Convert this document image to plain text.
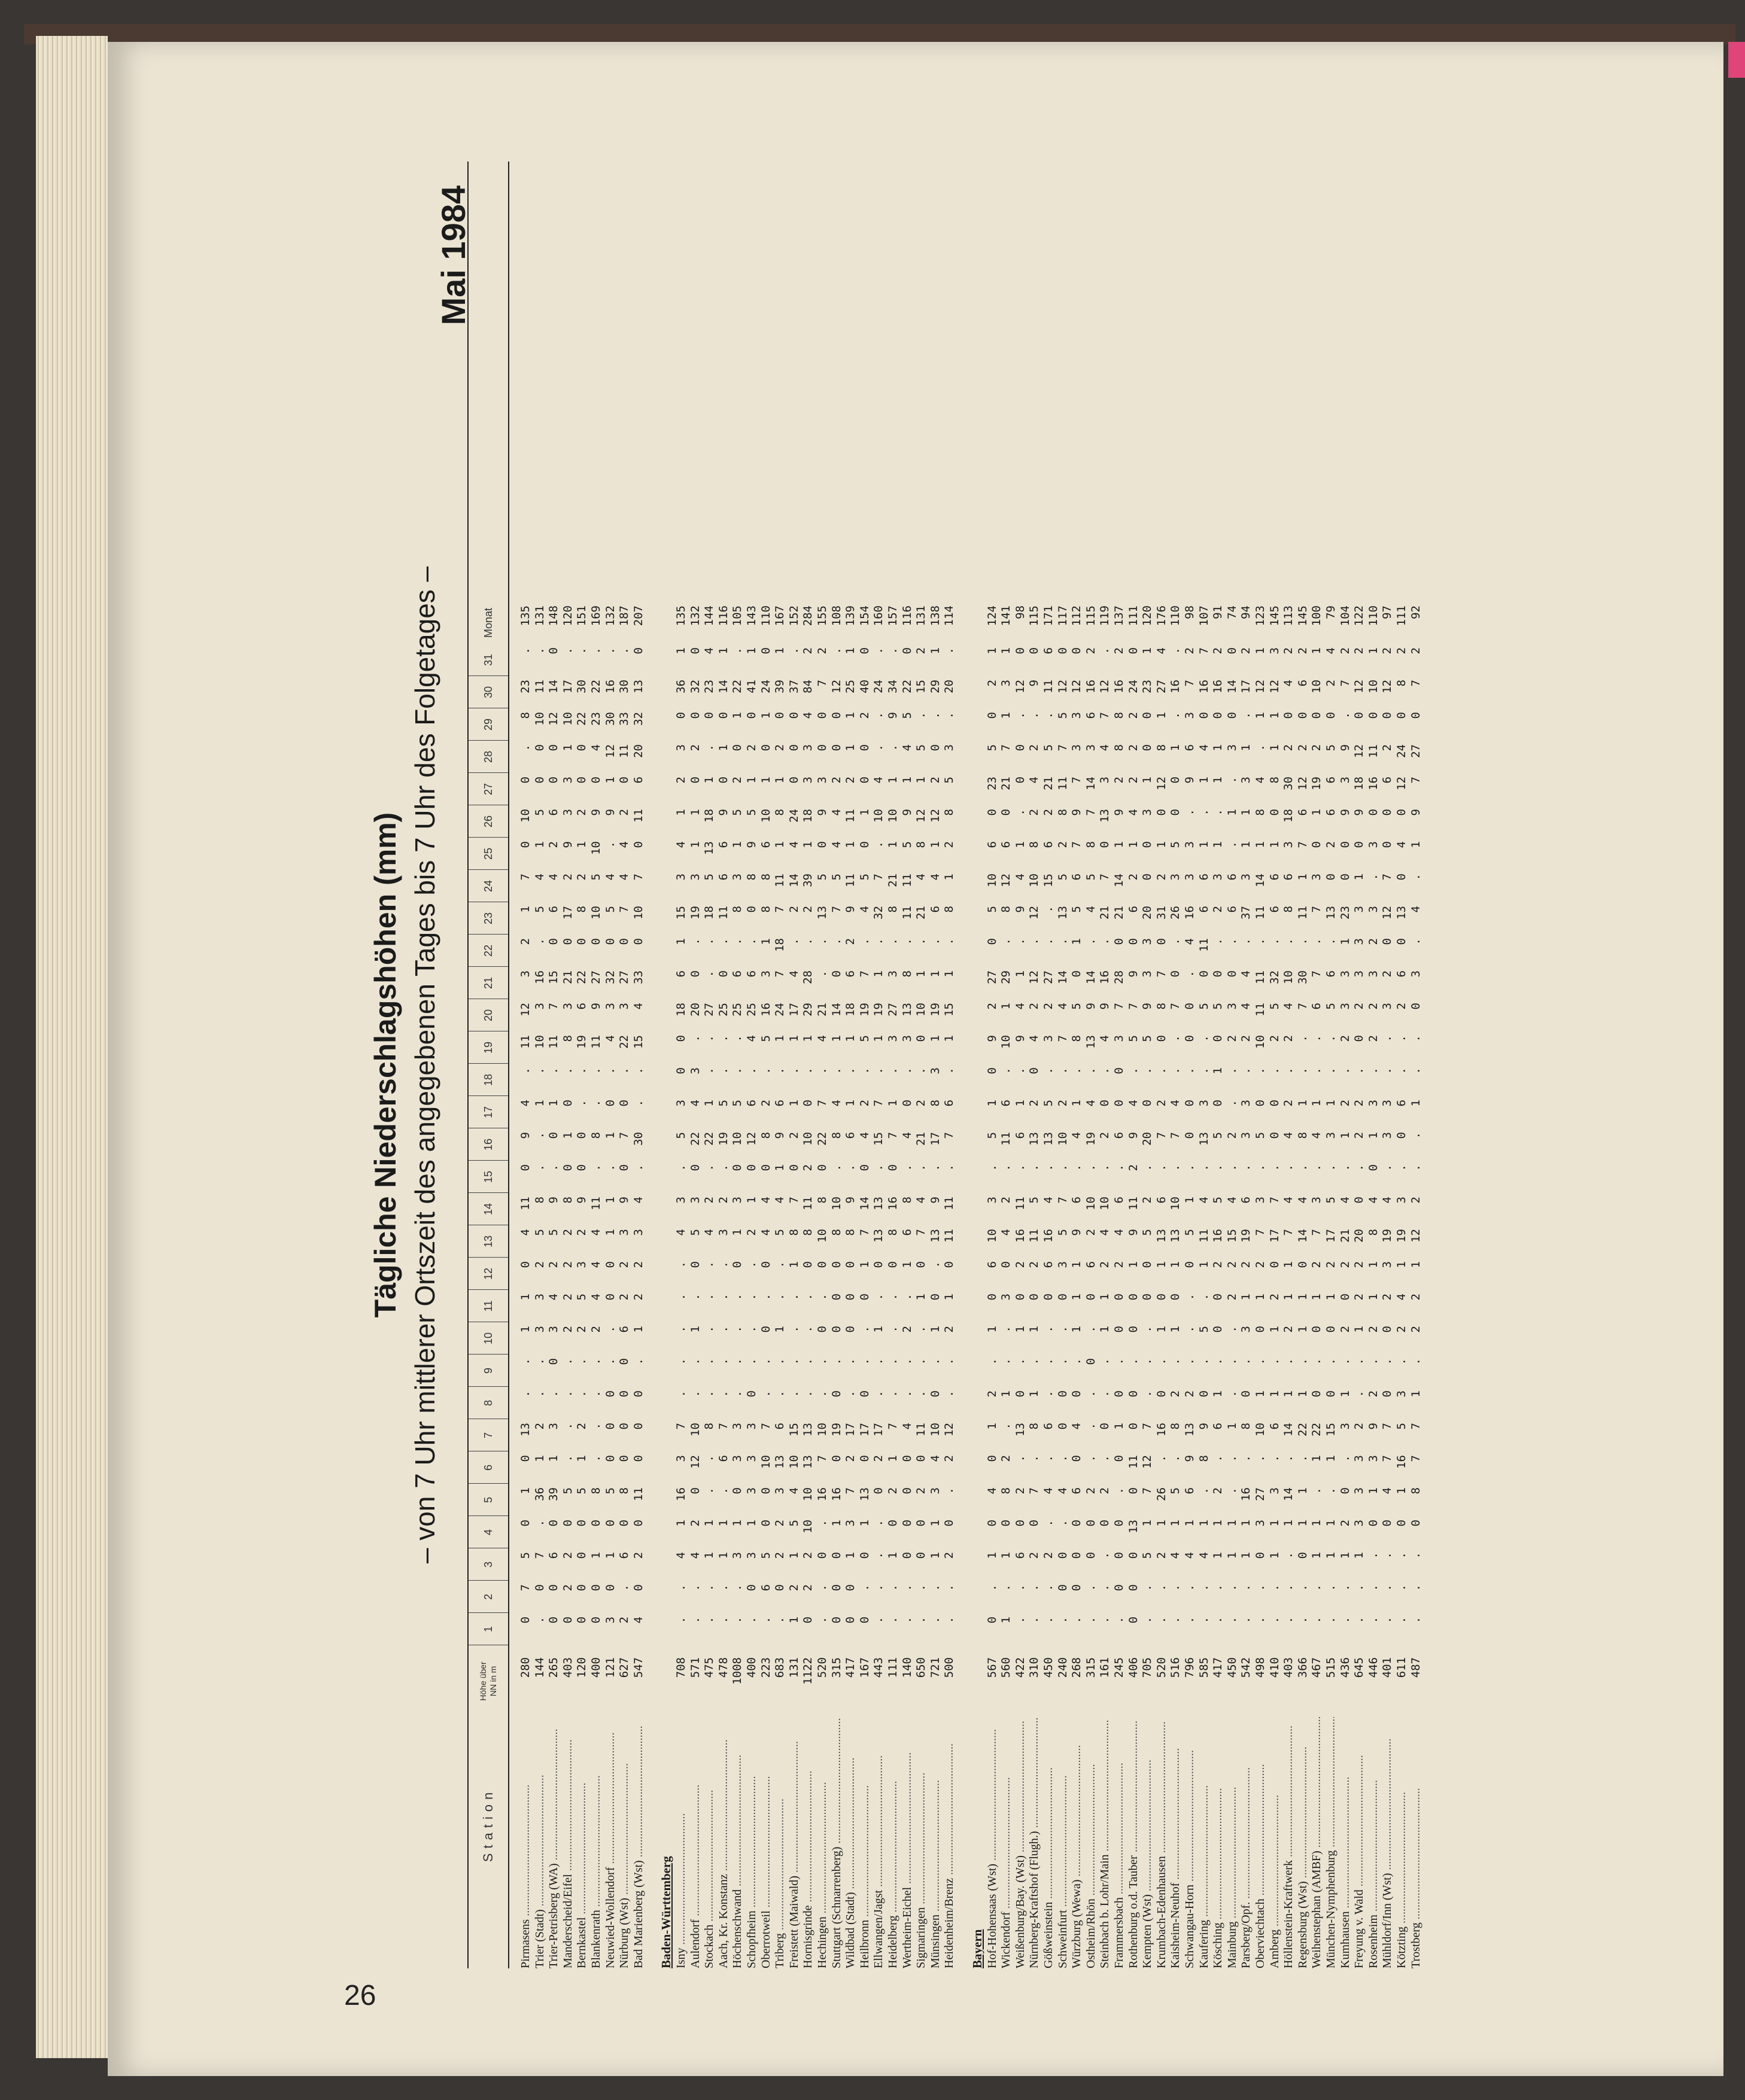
26
Tägliche Niederschlagshöhen (mm) – von 7 Uhr mittlerer Ortszeit des angegebenen Tages bis 7 Uhr des Folgetages –
Mai 1984
Station
Höhe über NN in m
1
2
3
4
5
6
7
8
9
10
11
12
13
14
15
16
17
18
19
20
21
22
23
24
25
26
27
28
29
30
31
Monat
Pirmasens .....
280
0
7
5
0
1
0
13
.
.
1
1
0
4
11
0
9
4
.
11
12
3
2
1
7
0
10
0
.
8
23
.
135
Trier (Stadt) .....
144
.
0
7
.
36
1
2
.
.
3
3
2
5
8
.
.
1
.
10
3
16
.
5
4
1
5
0
0
10
11
.
131
Trier-Petrisberg (WA) .....
265
0
0
6
0
39
1
3
.
0
3
4
2
5
9
.
0
1
.
11
7
15
0
6
4
2
6
0
0
12
14
0
148
Manderscheid/Eifel .....
403
0
2
2
0
5
.
.
.
.
2
2
2
2
8
0
1
0
.
8
3
21
0
17
2
9
3
3
1
10
17
.
120
Bernkastel .....
120
0
0
0
0
5
1
2
.
.
2
5
3
2
9
0
0
.
.
19
6
22
0
8
2
1
2
0
0
22
30
.
151
Blankenrath .....
400
0
0
1
0
8
.
.
.
.
2
4
4
4
11
.
8
.
.
11
9
27
0
10
5
10
9
0
4
23
22
.
169
Neuwied-Wollendorf .....
121
3
0
1
0
5
0
0
0
.
.
0
0
1
1
.
1
0
.
4
3
32
0
5
4
.
9
1
12
30
16
.
132
Nürburg (Wst) .....
627
2
.
6
0
8
0
0
0
0
6
2
2
3
9
0
7
0
.
22
3
27
0
7
4
4
2
0
11
33
30
.
187
Bad Marienberg (Wst) .....
547
4
0
2
0
11
0
0
0
.
1
2
2
3
4
.
30
.
.
15
4
33
0
10
7
0
11
6
20
32
13
0
207
Baden-Württemberg Isny .....
708
.
.
4
1
16
3
7
.
.
.
.
.
4
3
.
5
3
0
0
18
6
1
15
3
4
1
2
3
0
36
1
135
Aulendorf .....
571
.
.
4
2
0
12
10
.
.
1
.
0
5
3
0
22
4
3
.
20
0
.
19
3
1
1
0
2
0
32
0
132
Stockach .....
475
.
.
1
1
.
.
8
.
.
.
.
.
4
2
.
22
1
.
.
27
.
.
18
5
13
18
1
.
0
23
4
144
Aach, Kr. Konstanz .....
478
.
.
1
1
.
6
7
.
.
.
.
.
3
2
.
19
5
.
.
25
0
.
11
6
6
9
0
1
0
14
1
116
Höchenschwand .....
1008
.
.
3
1
0
3
3
.
.
.
.
0
1
3
0
10
5
.
.
25
6
.
8
3
1
5
2
0
1
22
.
105
Schopfheim .....
400
.
0
3
1
3
3
3
0
.
.
.
.
2
1
0
12
6
.
4
25
6
.
0
8
9
5
1
2
0
41
1
143
Oberrotweil .....
223
.
6
5
0
0
10
7
.
.
0
.
0
4
4
0
8
2
.
5
16
3
1
8
8
6
10
1
0
1
24
0
110
Triberg .....
683
.
0
2
2
3
13
6
.
.
1
.
.
5
4
1
9
6
.
1
24
7
18
7
11
1
8
1
2
0
39
1
167
Freistett (Maiwald) .....
131
1
2
1
5
4
10
15
.
.
.
.
1
8
7
0
2
1
.
1
17
4
.
2
14
4
24
0
0
0
37
.
152
Hornisgrinde .....
1122
0
2
2
10
10
13
13
.
.
.
.
0
8
11
2
10
0
.
1
29
28
.
2
39
1
18
3
3
4
84
2
284
Hechingen .....
520
.
.
0
.
16
7
10
.
.
0
.
0
10
8
0
22
7
.
4
21
.
.
13
5
0
9
3
0
0
7
2
155
Stuttgart (Schnarrenberg) .....
315
0
0
0
1
16
0
19
0
.
0
0
0
8
10
.
8
4
.
1
14
0
.
7
5
4
4
2
0
0
12
.
108
Wildbad (Stadt) .....
417
0
0
1
3
7
2
17
.
.
0
0
0
8
9
.
6
1
.
1
18
6
2
9
11
1
11
2
1
1
25
1
139
Heilbronn .....
167
0
.
0
1
13
0
17
0
.
.
0
1
7
14
0
4
2
.
5
19
7
.
4
5
0
1
0
0
2
40
0
154
Ellwangen/Jagst .....
443
.
.
.
.
0
2
17
.
.
1
.
0
13
13
.
15
7
.
1
19
1
.
32
7
.
10
4
.
.
24
.
160
Heidelberg .....
111
.
.
1
0
2
1
7
.
.
.
.
0
8
16
0
7
1
.
3
27
3
.
8
21
1
10
1
.
9
34
.
157
Wertheim-Eichel .....
140
.
.
0
0
0
0
4
.
.
2
.
1
6
8
.
4
0
.
3
13
8
.
11
11
5
9
1
4
5
22
0
116
Sigmaringen .....
650
.
.
0
0
2
0
11
.
.
.
1
0
7
4
.
21
2
.
0
10
1
.
21
4
8
12
1
5
.
15
2
131
Münsingen .....
721
.
.
1
1
3
4
10
0
.
1
0
.
13
9
.
17
8
3
1
19
1
.
6
4
1
12
2
0
.
29
1
138
Heidenheim/Brenz .....
500
.
.
2
0
.
2
12
.
.
2
1
0
11
11
.
7
6
.
1
15
1
.
8
1
2
8
5
3
.
20
.
114
Bayern Hof-Hohensaas (Wst) .....
567
0
.
1
0
4
0
1
2
.
1
0
6
10
3
.
5
1
0
9
2
27
0
5
10
6
0
23
5
0
2
1
124
Wickendorf .....
560
1
.
1
0
8
2
.
1
.
.
3
0
4
2
.
11
6
.
10
1
29
.
8
12
6
0
21
7
1
3
1
141
Weißenburg/Bay. (Wst) .....
422
.
.
6
0
2
.
13
0
.
1
0
2
16
11
.
6
1
.
9
4
1
.
9
4
1
.
0
0
.
12
0
98
Nürnberg-Kraftshof (Flugh.) .....
310
.
.
2
0
7
.
8
1
.
1
0
2
11
5
.
13
2
0
4
2
12
.
12
10
8
2
4
2
.
9
0
115
Gößweinstein .....
450
.
.
2
.
4
.
6
.
.
.
0
6
16
4
.
13
5
.
3
2
27
.
.
15
6
2
21
5
.
11
6
171
Schweinfurt .....
240
.
0
0
.
4
.
0
0
.
.
0
3
5
7
.
10
2
.
7
4
14
.
13
5
2
8
11
7
5
12
0
117
Würzburg (Wewa) .....
268
.
0
0
0
6
0
4
0
.
1
1
1
9
6
.
4
1
.
8
5
0
1
5
6
7
9
7
3
3
12
0
112
Ostheim/Rhön .....
315
.
.
0
0
2
.
.
.
0
.
0
6
2
10
.
19
4
.
13
9
14
.
4
5
8
7
14
3
6
16
2
115
Steinbach b. Lohr/Main .....
161
.
.
.
0
2
.
0
.
.
1
1
2
4
10
.
2
0
.
4
9
16
.
21
7
0
13
3
4
7
12
.
119
Frammersbach .....
245
.
0
0
0
.
0
1
0
.
0
0
2
4
6
.
6
0
0
3
7
28
0
21
14
1
9
2
8
8
16
2
137
Rothenburg o.d. Tauber .....
406
0
0
0
13
0
11
0
0
.
0
0
1
9
11
2
9
4
.
5
7
9
0
6
2
1
4
2
2
2
24
0
111
Kempten (Wst) .....
705
.
.
5
1
7
12
7
.
.
.
0
0
5
2
.
20
0
.
5
9
3
3
20
0
0
3
1
0
0
23
1
120
Krumbach-Edenhausen .....
520
.
.
2
1
26
.
16
0
.
1
0
1
13
6
.
7
2
.
0
8
7
0
31
2
1
0
12
8
1
27
4
176
Kaisheim-Neuhof .....
516
.
.
4
1
5
.
8
2
.
1
0
1
13
10
.
7
4
.
.
7
0
.
26
3
5
0
0
1
.
16
.
110
Schwangau-Horn .....
796
.
.
4
1
6
9
13
2
.
.
.
0
5
1
.
0
0
.
0
0
.
4
16
3
3
.
9
6
3
7
2
98
Kaufering .....
585
.
.
4
1
.
8
9
0
.
5
.
1
11
4
.
13
3
.
.
5
0
11
6
6
1
.
1
4
0
16
7
107
Kösching .....
417
.
.
1
1
2
.
6
1
.
0
0
2
16
5
.
5
0
1
0
5
0
.
2
3
1
.
1
1
0
16
2
91
Mainburg .....
450
.
.
1
1
.
.
1
.
.
.
2
2
15
4
.
2
.
.
2
3
0
.
6
6
.
1
.
3
0
14
0
74
Parsberg/Opf. .....
542
.
.
1
1
16
.
8
0
.
3
1
2
19
6
.
3
3
.
2
4
4
.
37
3
1
1
3
1
.
17
2
94
Oberviechtach .....
498
.
.
0
3
27
.
10
1
.
0
1
2
7
3
.
5
0
.
10
11
11
.
11
14
1
8
4
.
1
12
1
123
Amberg .....
410
.
.
1
1
3
.
6
1
.
1
2
0
17
7
.
0
0
.
2
5
32
.
6
6
1
0
8
1
1
12
3
145
Höllenstein-Kraftwerk .....
403
.
.
.
1
14
.
14
1
.
2
1
1
7
4
.
4
2
.
2
4
10
.
8
6
3
18
30
2
0
4
2
113
Regensburg (Wst) .....
366
.
.
0
1
1
.
22
1
.
1
1
0
14
4
.
8
1
.
.
7
30
.
11
1
7
6
12
2
0
6
2
145
Weihenstephan (AMBF) .....
467
.
.
1
1
.
1
22
0
.
0
1
2
7
3
.
4
1
.
.
6
7
.
7
3
0
1
19
2
0
10
1
100
München-Nymphenburg .....
515
.
.
1
1
.
1
15
0
.
0
1
2
17
5
.
3
1
.
.
5
6
.
13
0
2
6
6
5
0
2
4
79
Kumhausen .....
436
.
.
1
2
0
.
3
1
.
2
0
2
21
4
.
1
2
.
2
3
3
1
23
0
0
9
3
9
.
7
2
104
Freyung v. Wald .....
645
.
.
1
3
3
3
2
.
.
1
2
2
20
0
.
2
2
.
0
2
3
3
3
1
0
9
18
12
0
12
2
122
Rosenheim .....
446
.
.
.
0
1
3
9
2
.
2
1
1
8
4
0
1
3
.
2
2
3
2
3
.
3
0
16
11
0
10
1
110
Mühldorf/Inn (Wst) .....
401
.
.
.
0
4
7
7
0
.
0
2
3
19
4
.
3
3
.
.
3
2
0
12
7
0
0
6
2
0
12
2
97
Kötzting .....
611
.
.
.
0
1
16
5
3
.
2
4
1
19
3
.
0
6
.
.
2
6
0
13
0
4
0
12
24
0
8
2
111
Trostberg .....
487
.
.
.
0
8
7
7
1
.
2
2
1
12
2
.
.
1
.
.
0
3
.
4
.
1
9
7
27
0
7
2
92
